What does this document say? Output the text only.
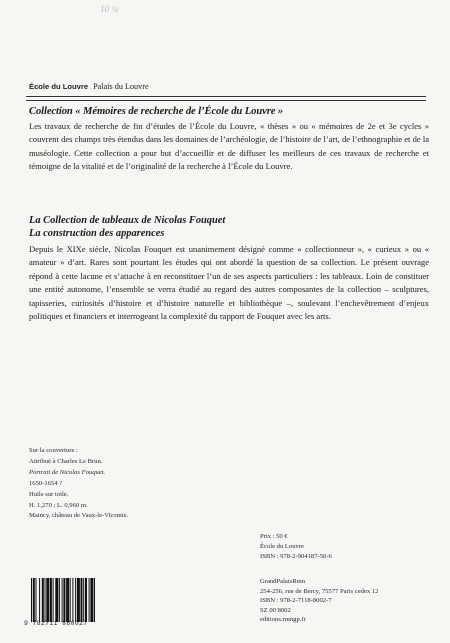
10 ¾
École du Louvre Palais du Louvre
Collection « Mémoires de recherche de l’École du Louvre »
Les travaux de recherche de fin d’études de l’École du Louvre, « thèses » ou « mémoires de 2e et 3e cycles » couvrent des champs très étendus dans les domaines de l’archéologie, de l’histoire de l’art, de l’ethnographie et de la muséologie. Cette collection a pour but d’accueillir et de diffuser les meilleurs de ces travaux de recherche et témoigne de la vitalité et de l’originalité de la recherche à l’École du Louvre.
La Collection de tableaux de Nicolas Fouquet
La construction des apparences
Depuis le XIXe siècle, Nicolas Fouquet est unanimement désigné comme « collectionneur », « curieux » ou « amateur » d’art. Rares sont pourtant les études qui ont abordé la question de sa collection. Le présent ouvrage répond à cette lacune et s’attache à en reconstituer l’un de ses aspects particuliers : les tableaux. Loin de constituer une entité autonome, l’ensemble se verra étudié au regard des autres composantes de la collection – sculptures, tapisseries, curiosités d’histoire et d’histoire naturelle et bibliothèque –, soulevant l’enchevêtrement d’enjeux politiques et financiers et interrogeant la complexité du rapport de Fouquet avec les arts.
Sur la couverture :
Attribué à Charles Le Brun.
Portrait de Nicolas Fouquet.
1650-1654 ?
Huile sur toile.
H. 1,270 ; L. 0,960 m.
Maincy, château de Vaux-le-Vicomte.
Prix : 50 €
École du Louvre
ISBN : 978-2-904187-50-6
GrandPalaisRmn
254-256, rue de Bercy, 75577 Paris cedex 12
ISBN : 978-2-7118-8002-7
SZ 00 8002
editions.rmngp.fr
9 782711 880027
